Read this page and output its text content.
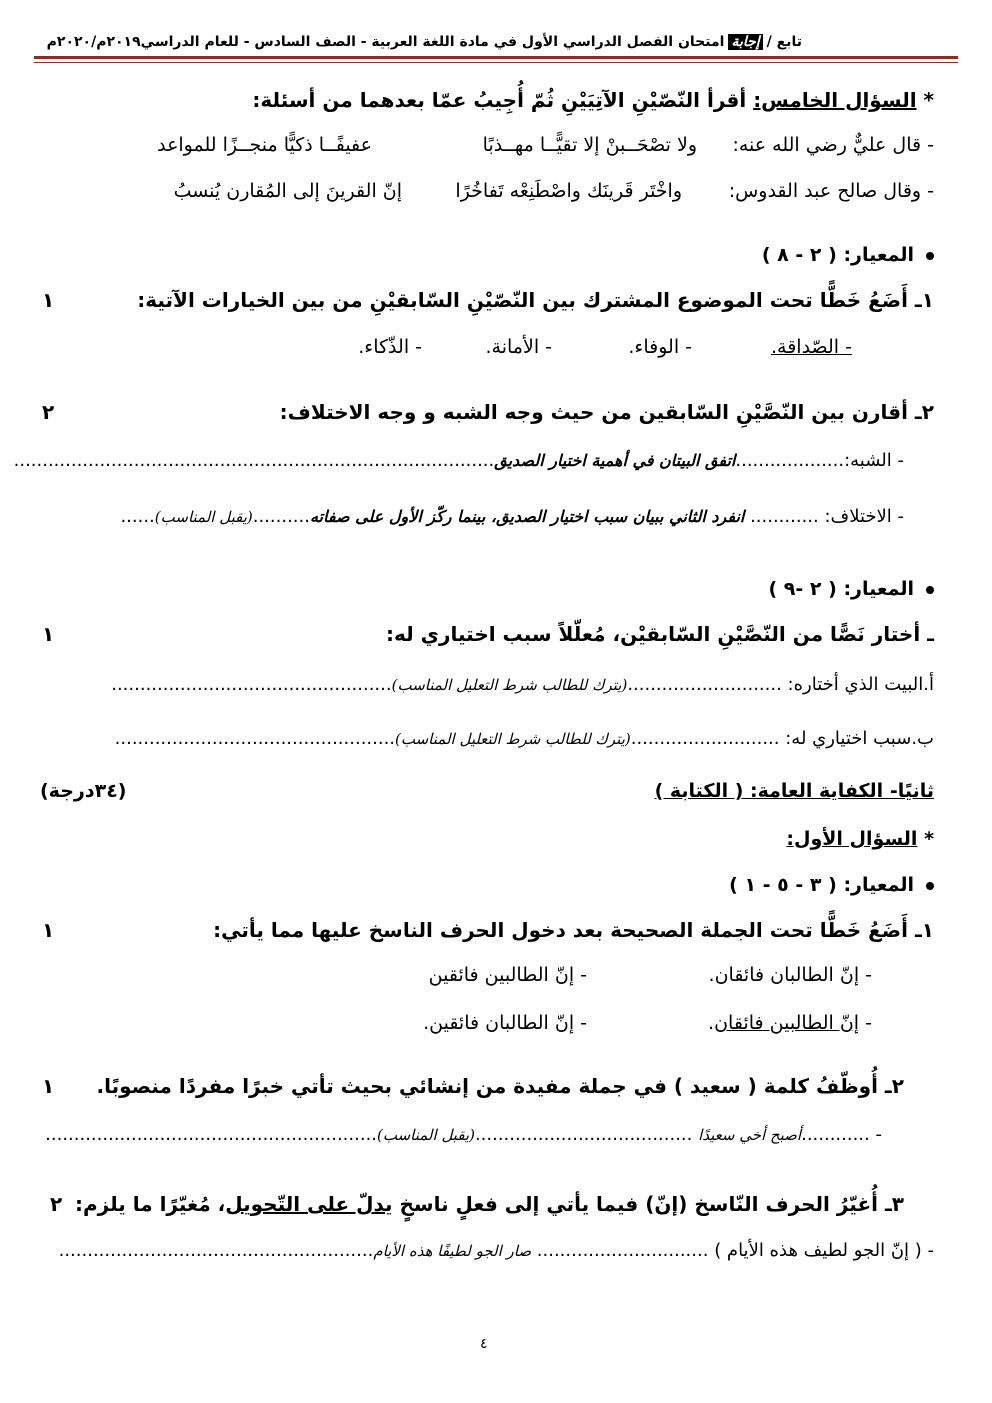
تابع /إجابةامتحان الفصل الدراسي الأول في مادة اللغة العربية - الصف السادس - للعام الدراسي٢٠١٩م/٢٠٢٠م
* السؤال الخامس: أقرأ النّصّيْنِ الآتِيَيْنِ ثُمّ أُجِيبُ عمّا بعدهما من أسئلة:
- قال عليٌّ رضي الله عنه:
ولا تصْحَــبنْ إلا تقيًّــا مهــذبًا
عفيفًــا ذكيًّا منجــزًا للمواعد
- وقال صالح عبد القدوس:
واخْتَر قَرينَك واصْطَنِعْه تَفاخُرًا
إنّ القرينَ إلى المُقارن يُنسبُ
المعيار: ( ٢ - ٨ )
١ـ أَضَعُ خَطًّا تحت الموضوع المشترك بين النّصّيْنِ السّابقيْنِ من بين الخيارات الآتية:
١
- الصّداقة.
- الوفاء.
- الأمانة.
- الذّكاء.
٢ـ أقارن بين النّصَّيْنِ السّابقين من حيث وجه الشبه و وجه الاختلاف:
٢
- الشبه:...................اتفق البيتان في أهمية اختيار الصديق....................................................................................
- الاختلاف: ............ انفرد الثاني ببيان سبب اختيار الصديق، بينما ركّز الأول على صفاته..........(يقبل المناسب)......
المعيار: ( ٢ -٩ )
ـ أختار نَصًّا من النّصَّيْنِ السّابقيْن، مُعلّلاً سبب اختياري له:
١
أ.البيت الذي أختاره: ...........................(يترك للطالب شرط التعليل المناسب).................................................
ب.سبب اختياري له: ..........................(يترك للطالب شرط التعليل المناسب).................................................
ثانيًا- الكفاية العامة: ( الكتابة )
(٣٤درجة)
* السؤال الأول:
المعيار: ( ٣ - ٥ - ١ )
١ـ أَضَعُ خَطًّا تحت الجملة الصحيحة بعد دخول الحرف الناسخ عليها مما يأتي:
١
- إنّ الطالبان فائقان.
- إنّ الطالبين فائقين
- إنّ الطالبين فائقان.
- إنّ الطالبان فائقين.
٢ـ أُوظّفُ كلمة ( سعيد ) في جملة مفيدة من إنشائي بحيث تأتي خبرًا مفردًا منصوبًا.
١
- ............أصبح أخي سعيدًا ......................................(يقبل المناسب)..........................................................
٣ـ أُغيّرُ الحرف النّاسخ (إنّ) فيما يأتي إلى فعلٍ ناسخٍ يدلّ على التّحويل، مُغيّرًا ما يلزم:
٢
- ( إنّ الجو لطيف هذه الأيام ) .............................. صار الجو لطيفًا هذه الأيام.......................................................
٤
